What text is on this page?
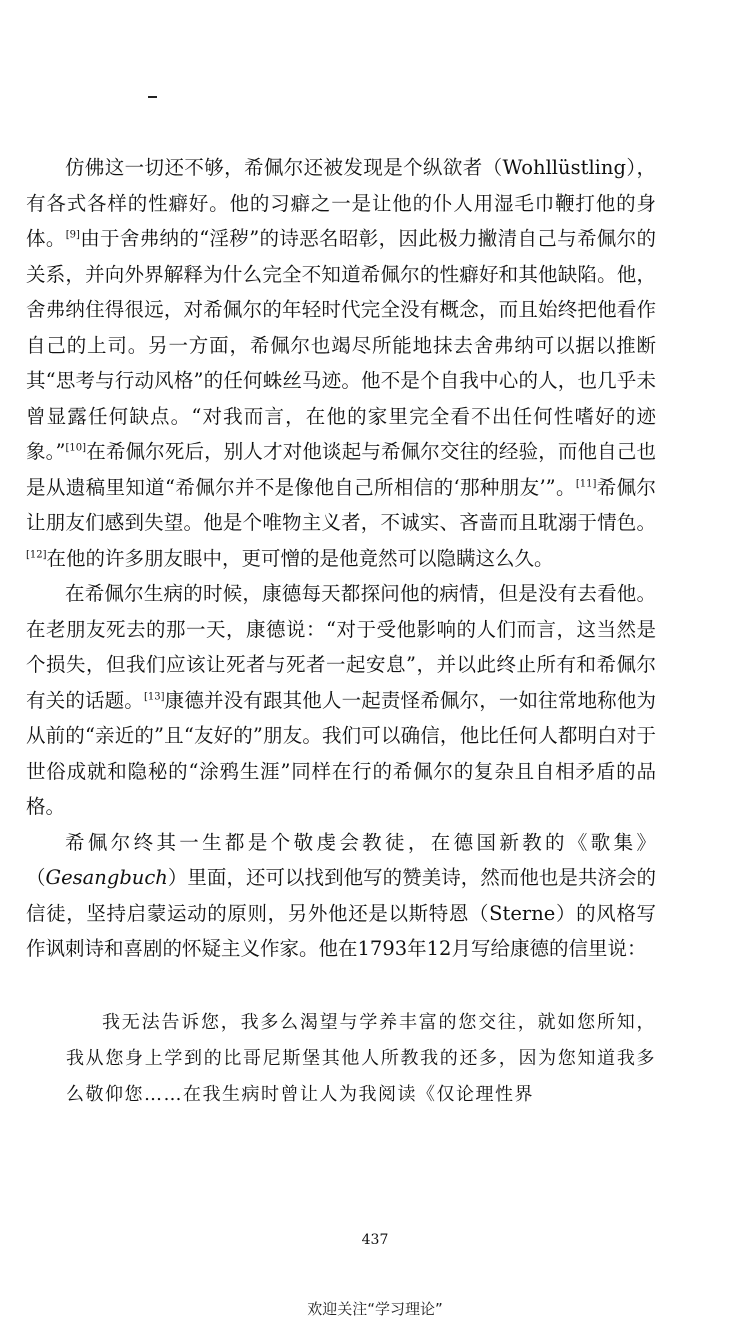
仿佛这一切还不够，希佩尔还被发现是个纵欲者（Wohllüstling），有各式各样的性癖好。他的习癖之一是让他的仆人用湿毛巾鞭打他的身体。[9]由于舍弗纳的“淫秽”的诗恶名昭彰，因此极力撇清自己与希佩尔的关系，并向外界解释为什么完全不知道希佩尔的性癖好和其他缺陷。他，舍弗纳住得很远，对希佩尔的年轻时代完全没有概念，而且始终把他看作自己的上司。另一方面，希佩尔也竭尽所能地抹去舍弗纳可以据以推断其“思考与行动风格”的任何蛛丝马迹。他不是个自我中心的人，也几乎未曾显露任何缺点。“对我而言，在他的家里完全看不出任何性嗜好的迹象。”[10]在希佩尔死后，别人才对他谈起与希佩尔交往的经验，而他自己也是从遗稿里知道“希佩尔并不是像他自己所相信的‘那种朋友’”。[11]希佩尔让朋友们感到失望。他是个唯物主义者，不诚实、吝啬而且耽溺于情色。[12]在他的许多朋友眼中，更可憎的是他竟然可以隐瞒这么久。

在希佩尔生病的时候，康德每天都探问他的病情，但是没有去看他。在老朋友死去的那一天，康德说：“对于受他影响的人们而言，这当然是个损失，但我们应该让死者与死者一起安息”，并以此终止所有和希佩尔有关的话题。[13]康德并没有跟其他人一起责怪希佩尔，一如往常地称他为从前的“亲近的”且“友好的”朋友。我们可以确信，他比任何人都明白对于世俗成就和隐秘的“涂鸦生涯”同样在行的希佩尔的复杂且自相矛盾的品格。

希佩尔终其一生都是个敬虔会教徒，在德国新教的《歌集》（Gesangbuch）里面，还可以找到他写的赞美诗，然而他也是共济会的信徒，坚持启蒙运动的原则，另外他还是以斯特恩（Sterne）的风格写作讽刺诗和喜剧的怀疑主义作家。他在1793年12月写给康德的信里说：

我无法告诉您，我多么渴望与学养丰富的您交往，就如您所知，我从您身上学到的比哥尼斯堡其他人所教我的还多，因为您知道我多么敬仰您……在我生病时曾让人为我阅读《仅论理性界

437
欢迎关注“学习理论”
